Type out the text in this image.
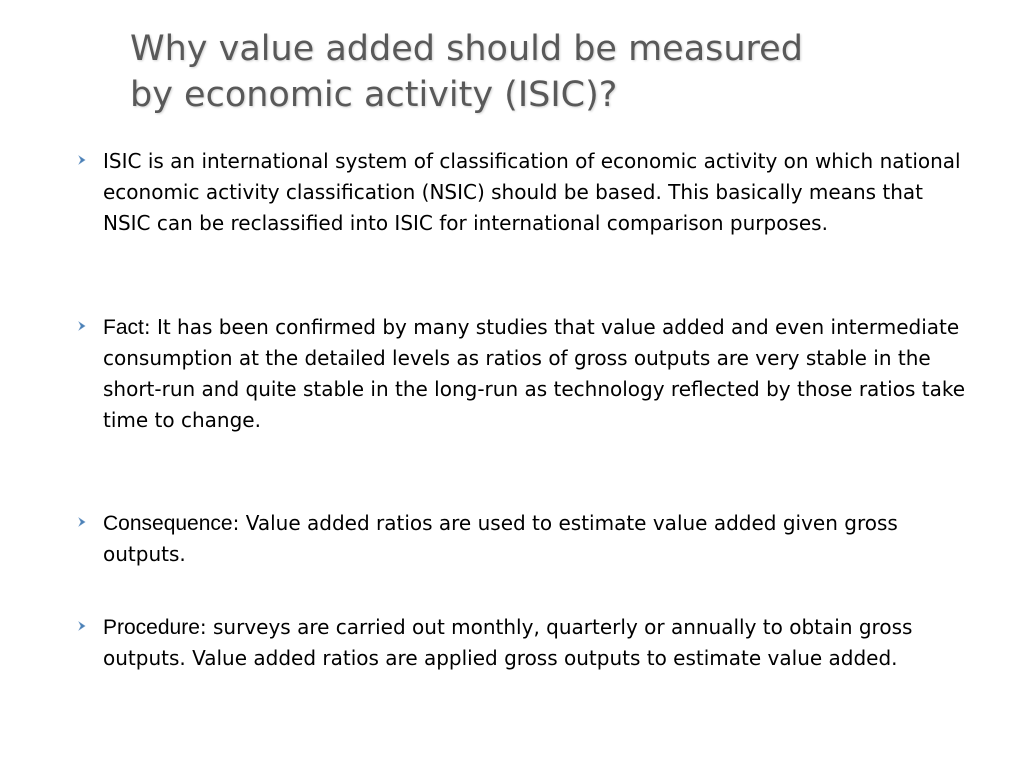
Why value added should be measured
by economic activity (ISIC)?

ISIC is an international system of classification of economic activity on which national economic activity classification (NSIC) should be based. This basically means that NSIC can be reclassified into ISIC for international comparison purposes.

Fact: It has been confirmed by many studies that value added and even intermediate consumption at the detailed levels as ratios of gross outputs are very stable in the short-run and quite stable in the long-run as technology reflected by those ratios take time to change.

Consequence: Value added ratios are used to estimate value added given gross outputs.

Procedure: surveys are carried out monthly, quarterly or annually to obtain gross outputs. Value added ratios are applied gross outputs to estimate value added.
